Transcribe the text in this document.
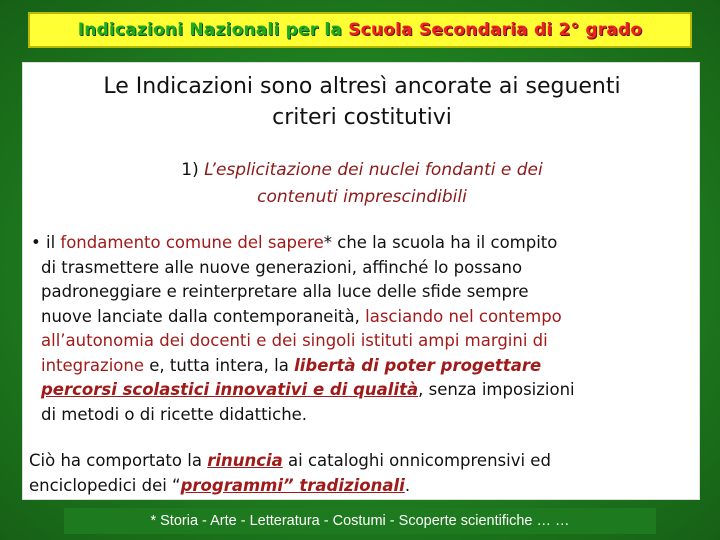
Indicazioni Nazionali per la Scuola Secondaria di 2° grado
Le Indicazioni sono altresì ancorate ai seguenti
criteri costitutivi
1) L’esplicitazione dei nuclei fondanti e dei
contenuti imprescindibili
• il fondamento comune del sapere* che la scuola ha il compito
di trasmettere alle nuove generazioni, affinché lo possano
padroneggiare e reinterpretare alla luce delle sfide sempre
nuove lanciate dalla contemporaneità, lasciando nel contempo
all’autonomia dei docenti e dei singoli istituti ampi margini di
integrazione e, tutta intera, la libertà di poter progettare
percorsi scolastici innovativi e di qualità, senza imposizioni
di metodi o di ricette didattiche.
Ciò ha comportato la rinuncia ai cataloghi onnicomprensivi ed
enciclopedici dei “programmi” tradizionali.
* Storia - Arte - Letteratura - Costumi - Scoperte scientifiche … …
